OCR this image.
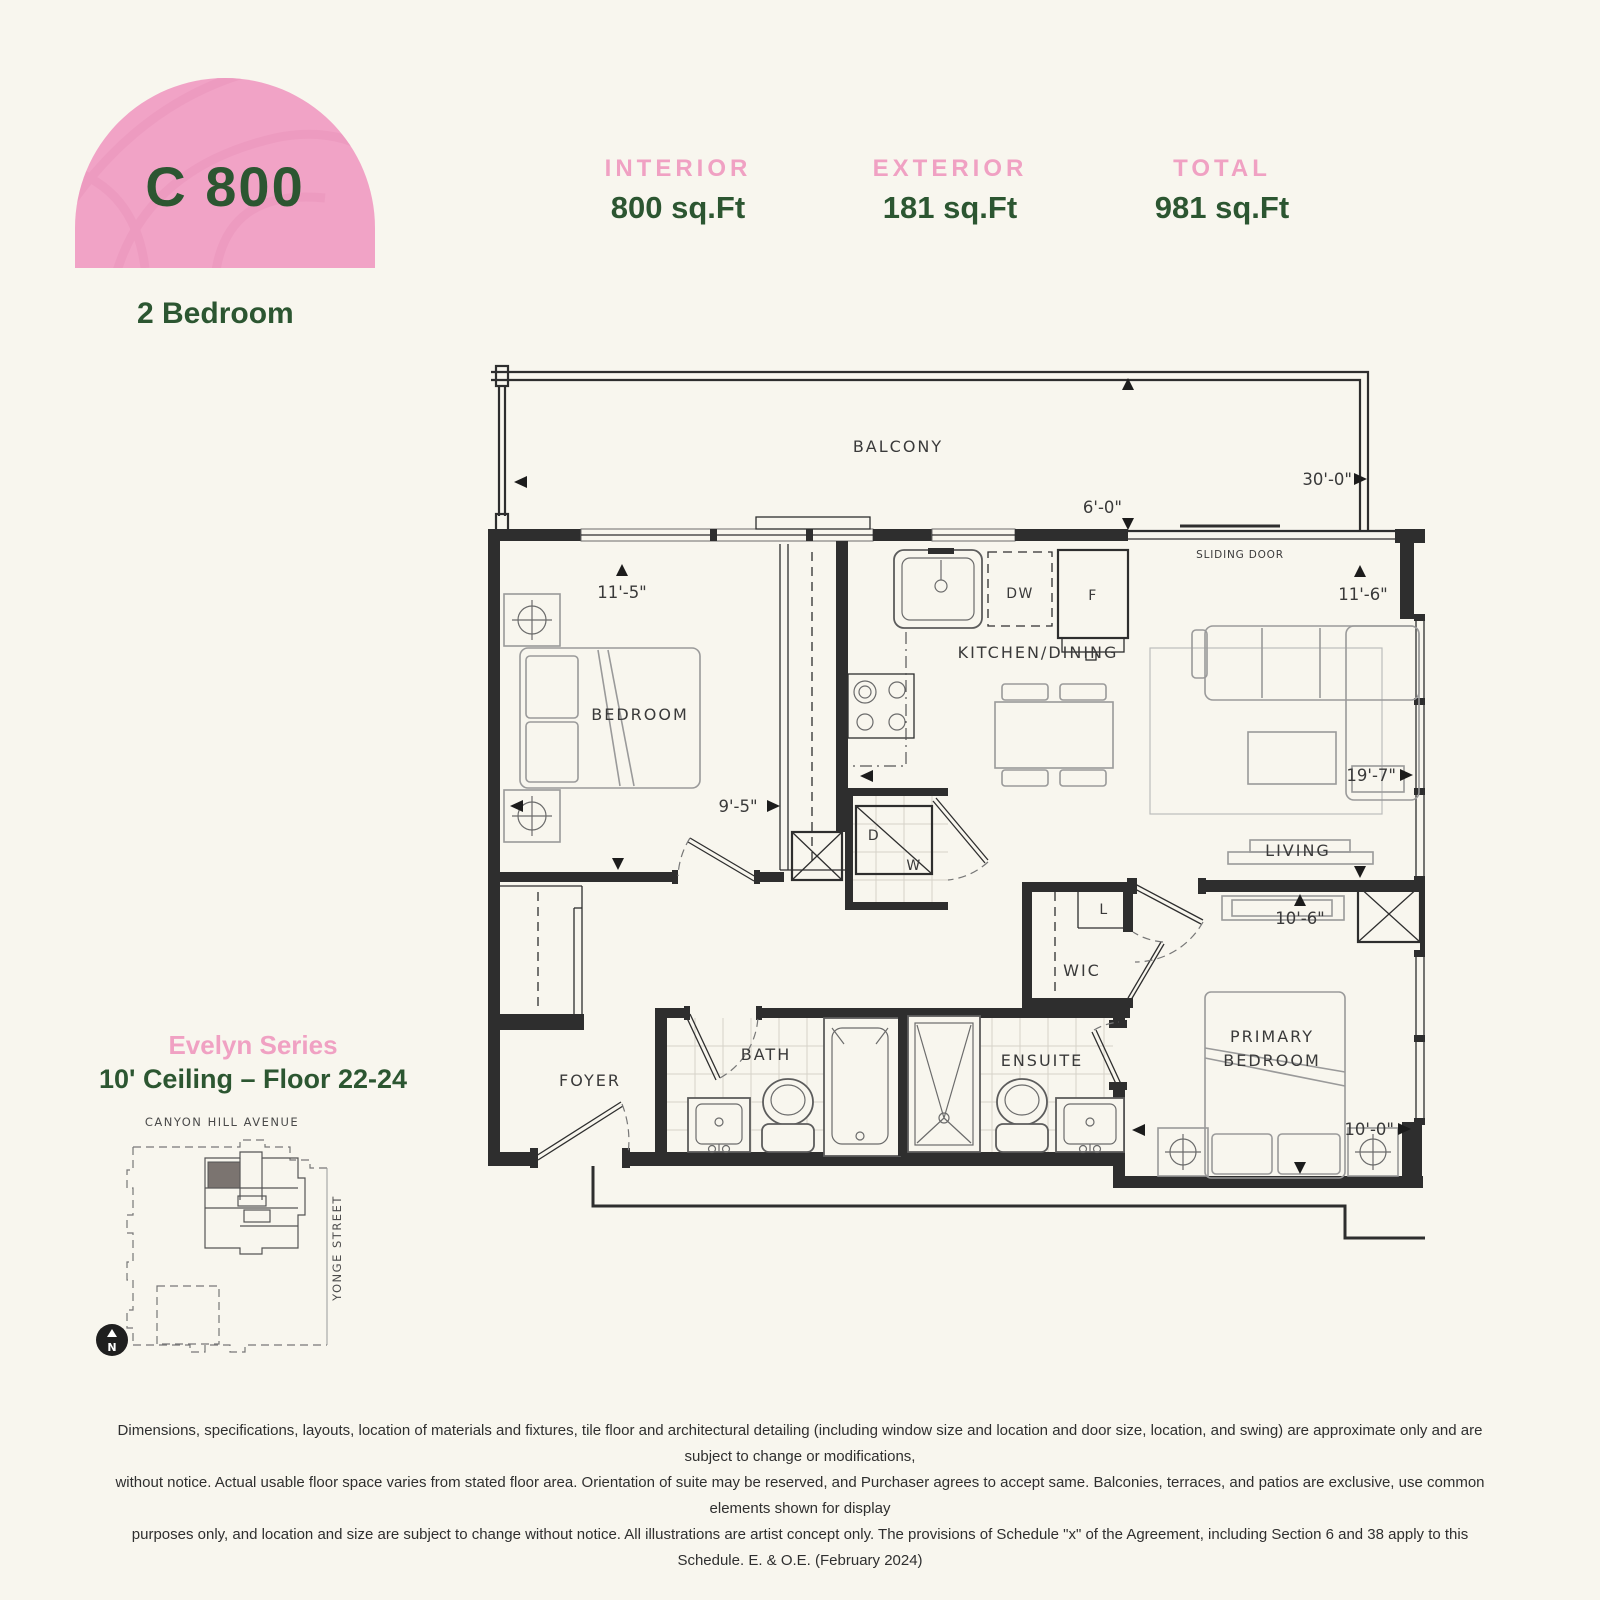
C 800
2 Bedroom
INTERIOR
800 sq.Ft
EXTERIOR
181 sq.Ft
TOTAL
981 sq.Ft
BALCONY
30'-0"
6'-0"
SLIDING DOOR
BEDROOM
11'-5"
9'-5"
DW	F
KITCHEN/DINING
D
W
LIVING
11'-6"
19'-7"
L
WIC
PRIMARY
BEDROOM
10'-6"
10'-0"
FOYER
BATH	ENSUITE
Evelyn Series
10' Ceiling – Floor 22-24
CANYON HILL AVENUE
YONGE STREET
N
Dimensions, specifications, layouts, location of materials and fixtures, tile floor and architectural detailing (including window size and location and door size, location, and swing) are approximate only and are subject to change or modifications,
without notice. Actual usable floor space varies from stated floor area. Orientation of suite may be reserved, and Purchaser agrees to accept same. Balconies, terraces, and patios are exclusive, use common elements shown for display
purposes only, and location and size are subject to change without notice. All illustrations are artist concept only. The provisions of Schedule "x" of the Agreement, including Section 6 and 38 apply to this Schedule. E. & O.E. (February 2024)
